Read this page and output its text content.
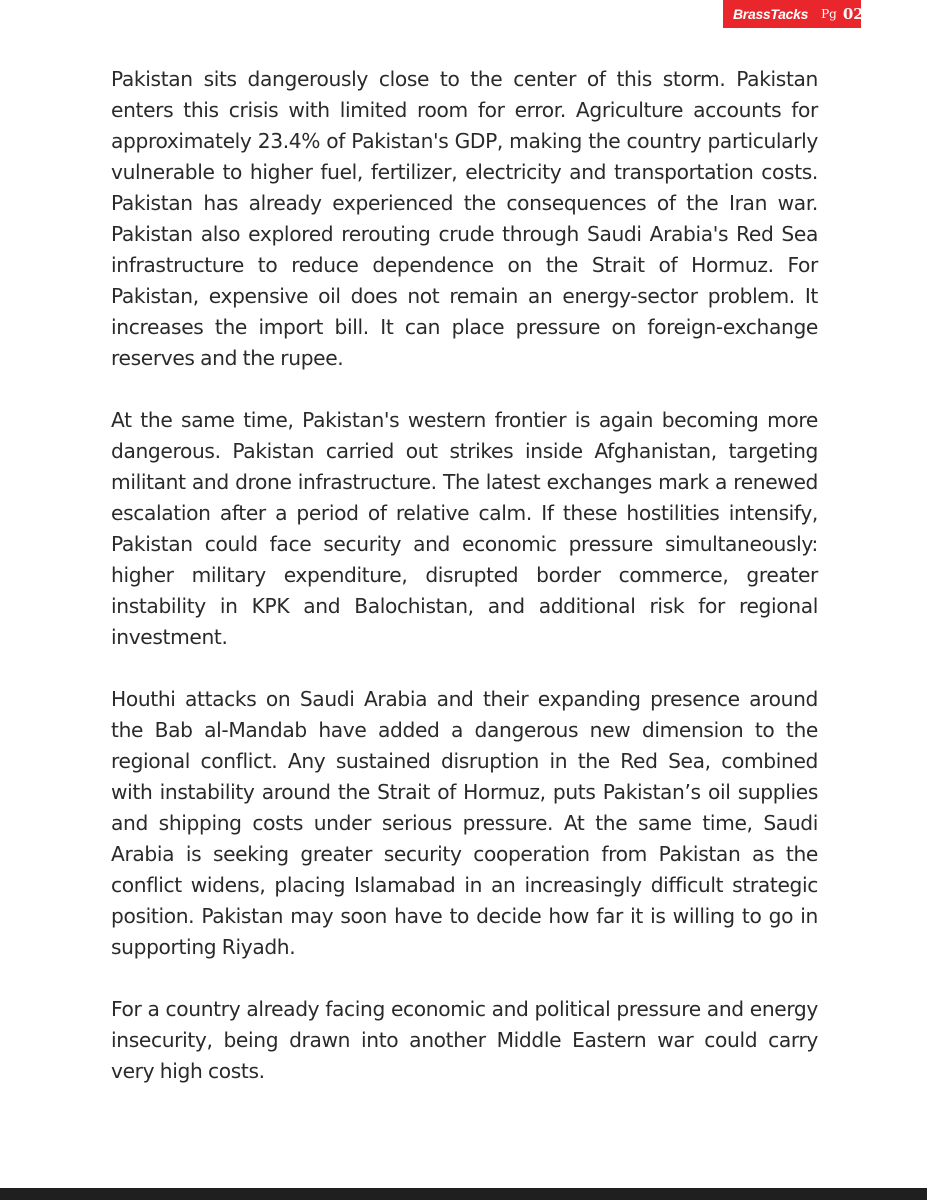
BrassTacks Pg 02

Pakistan sits dangerously close to the center of this storm. Pakistan enters this crisis with limited room for error. Agriculture accounts for approximately 23.4% of Pakistan's GDP, making the country particularly vulnerable to higher fuel, fertilizer, electricity and transportation costs. Pakistan has already experienced the consequences of the Iran war. Pakistan also explored rerouting crude through Saudi Arabia's Red Sea infrastructure to reduce dependence on the Strait of Hormuz. For Pakistan, expensive oil does not remain an energy-sector problem. It increases the import bill. It can place pressure on foreign-exchange reserves and the rupee.

At the same time, Pakistan's western frontier is again becoming more dangerous. Pakistan carried out strikes inside Afghanistan, targeting militant and drone infrastructure. The latest exchanges mark a renewed escalation after a period of relative calm. If these hostilities intensify, Pakistan could face security and economic pressure simultaneously: higher military expenditure, disrupted border commerce, greater instability in KPK and Balochistan, and additional risk for regional investment.

Houthi attacks on Saudi Arabia and their expanding presence around the Bab al-Mandab have added a dangerous new dimension to the regional conflict. Any sustained disruption in the Red Sea, combined with instability around the Strait of Hormuz, puts Pakistan’s oil supplies and shipping costs under serious pressure. At the same time, Saudi Arabia is seeking greater security cooperation from Pakistan as the conflict widens, placing Islamabad in an increasingly difficult strategic position. Pakistan may soon have to decide how far it is willing to go in supporting Riyadh.

For a country already facing economic and political pressure and energy insecurity, being drawn into another Middle Eastern war could carry very high costs.
